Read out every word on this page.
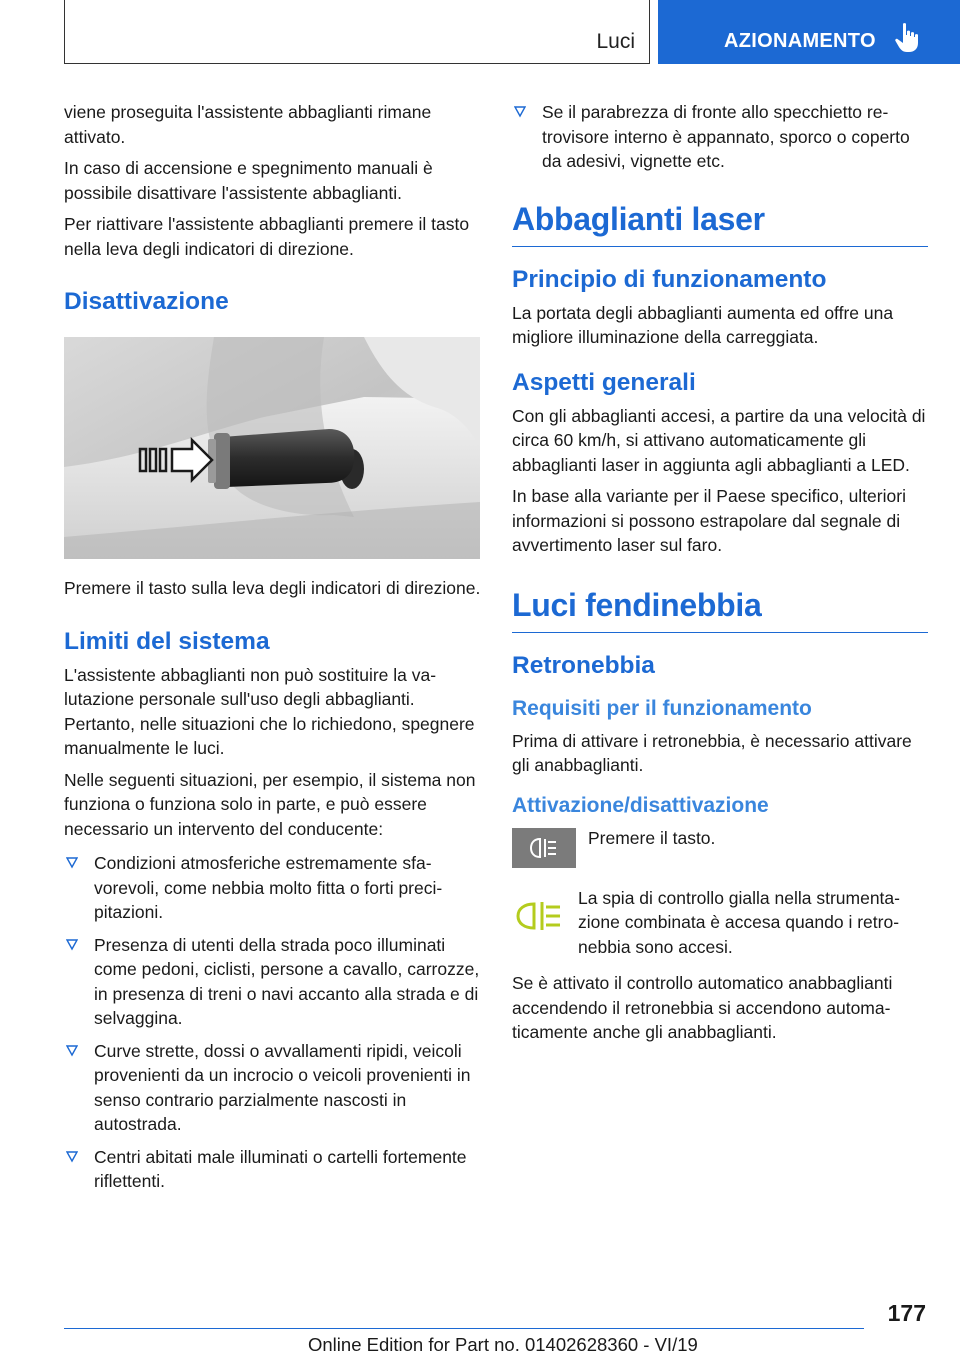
Luci	AZIONAMENTO

viene proseguita l'assistente abbaglianti rimane attivato.

In caso di accensione e spegnimento manuali è possibile disattivare l'assistente abbaglianti.

Per riattivare l'assistente abbaglianti premere il tasto nella leva degli indicatori di direzione.

Disattivazione

Premere il tasto sulla leva degli indicatori di direzione.

Limiti del sistema

L'assistente abbaglianti non può sostituire la valutazione personale sull'uso degli abbaglianti. Pertanto, nelle situazioni che lo richiedono, spegnere manualmente le luci.

Nelle seguenti situazioni, per esempio, il sistema non funziona o funziona solo in parte, e può essere necessario un intervento del conducente:

Condizioni atmosferiche estremamente sfavorevoli, come nebbia molto fitta o forti precipitazioni.
Presenza di utenti della strada poco illuminati come pedoni, ciclisti, persone a cavallo, carrozze, in presenza di treni o navi accanto alla strada e di selvaggina.
Curve strette, dossi o avvallamenti ripidi, veicoli provenienti da un incrocio o veicoli provenienti in senso contrario parzialmente nascosti in autostrada.
Centri abitati male illuminati o cartelli fortemente riflettenti.
Se il parabrezza di fronte allo specchietto retrovisore interno è appannato, sporco o coperto da adesivi, vignette etc.
Abbaglianti laser
Principio di funzionamento

La portata degli abbaglianti aumenta ed offre una migliore illuminazione della carreggiata.

Aspetti generali

Con gli abbaglianti accesi, a partire da una velocità di circa 60 km/h, si attivano automaticamente gli abbaglianti laser in aggiunta agli abbaglianti a LED.

In base alla variante per il Paese specifico, ulteriori informazioni si possono estrapolare dal segnale di avvertimento laser sul faro.

Luci fendinebbia
Retronebbia
Requisiti per il funzionamento

Prima di attivare i retronebbia, è necessario attivare gli anabbaglianti.

Attivazione/disattivazione

Premere il tasto.

La spia di controllo gialla nella strumentazione combinata è accesa quando i retronebbia sono accesi.

Se è attivato il controllo automatico anabbaglianti accendendo il retronebbia si accendono automaticamente anche gli anabbaglianti.

177
Online Edition for Part no. 01402628360 - VI/19
